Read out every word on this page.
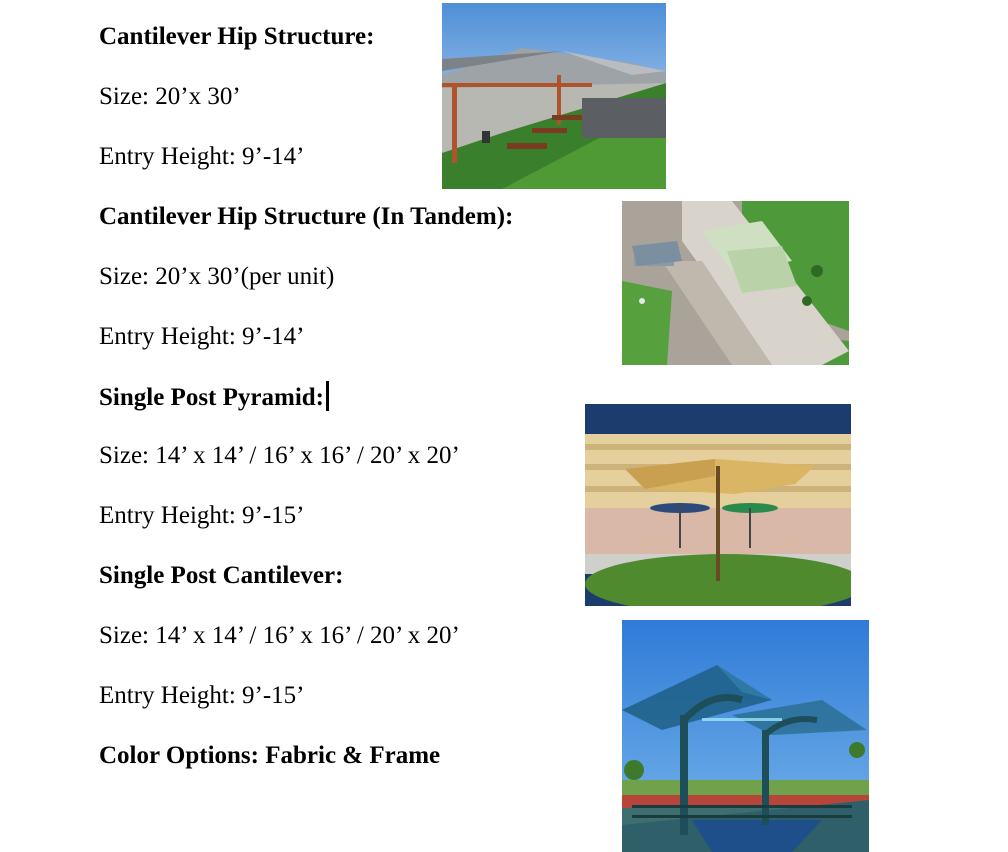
Cantilever Hip Structure:
Size: 20’x 30’
Entry Height: 9’-14’
Cantilever Hip Structure (In Tandem):
Size: 20’x 30’(per unit)
Entry Height: 9’-14’
Single Post Pyramid:
Size: 14’ x 14’ / 16’ x 16’ / 20’ x 20’
Entry Height: 9’-15’
Single Post Cantilever:
Size: 14’ x 14’ / 16’ x 16’ / 20’ x 20’
Entry Height: 9’-15’
Color Options: Fabric & Frame
